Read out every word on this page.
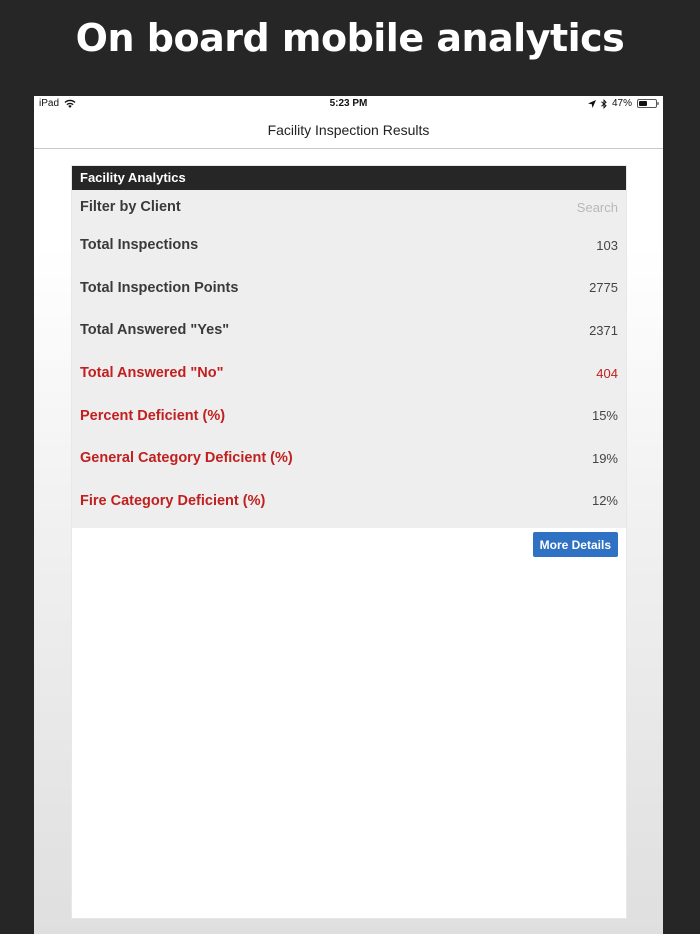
On board mobile analytics
iPad	5:23 PM	47%
Facility Inspection Results
Facility Analytics
Filter by Client
Search
Total Inspections	103
Total Inspection Points	2775
Total Answered "Yes"	2371
Total Answered "No"	404
Percent Deficient (%)	15%
General Category Deficient (%)	19%
Fire Category Deficient (%)	12%
More Details
